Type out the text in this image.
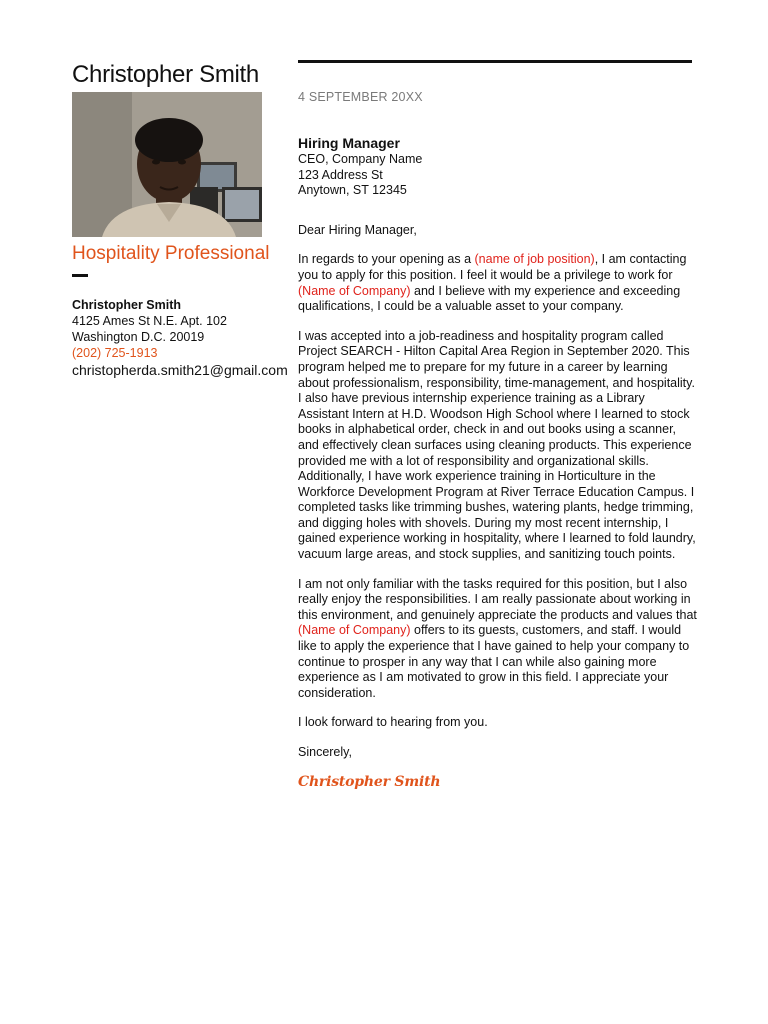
Christopher Smith
Hospitality Professional
Christopher Smith
4125 Ames St N.E. Apt. 102
Washington D.C. 20019
(202) 725-1913
christopherda.smith21@gmail.com
4 SEPTEMBER 20XX
Hiring Manager
CEO, Company Name
123 Address St
Anytown, ST 12345

Dear Hiring Manager,

In regards to your opening as a (name of job position), I am contacting you to apply for this position. I feel it would be a privilege to work for (Name of Company) and I believe with my experience and exceeding qualifications, I could be a valuable asset to your company.

I was accepted into a job-readiness and hospitality program called Project SEARCH - Hilton Capital Area Region in September 2020. This program helped me to prepare for my future in a career by learning about professionalism, responsibility, time-management, and hospitality. I also have previous internship experience training as a Library Assistant Intern at H.D. Woodson High School where I learned to stock books in alphabetical order, check in and out books using a scanner, and effectively clean surfaces using cleaning products. This experience provided me with a lot of responsibility and organizational skills. Additionally, I have work experience training in Horticulture in the Workforce Development Program at River Terrace Education Campus. I completed tasks like trimming bushes, watering plants, hedge trimming, and digging holes with shovels. During my most recent internship, I gained experience working in hospitality, where I learned to fold laundry, vacuum large areas, and stock supplies, and sanitizing touch points.

I am not only familiar with the tasks required for this position, but I also really enjoy the responsibilities. I am really passionate about working in this environment, and genuinely appreciate the products and values that (Name of Company) offers to its guests, customers, and staff. I would like to apply the experience that I have gained to help your company to continue to prosper in any way that I can while also gaining more experience as I am motivated to grow in this field. I appreciate your consideration.

I look forward to hearing from you.

Sincerely,

Christopher Smith
